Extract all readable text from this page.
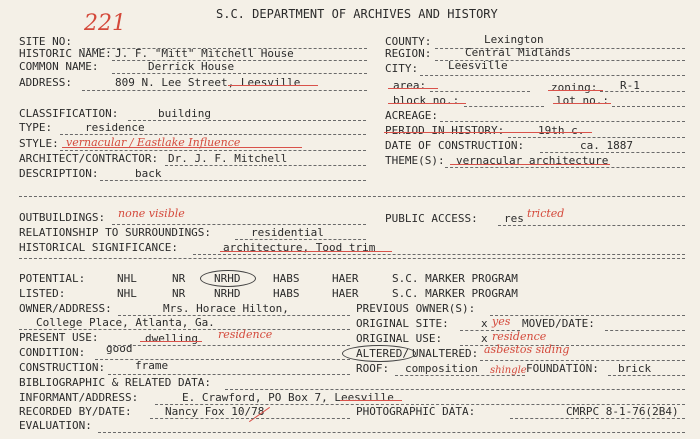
S.C. DEPARTMENT OF ARCHIVES AND HISTORY
221
SITE NO:
HISTORIC NAME: J. F. "Mitt" Mitchell House
COMMON NAME:	Derrick House
ADDRESS:	809 N. Lee Street, Leesville
COUNTY:	Lexington
REGION:	Central Midlands
CITY:	Leesville
area:	zoning: R-1
block no.:	lot no.:
ACREAGE:
CLASSIFICATION:	building
TYPE:	residence
STYLE: vernacular / Eastlake Influence
ARCHITECT/CONTRACTOR: Dr. J. F. Mitchell
DESCRIPTION:	back
PERIOD IN HISTORY:	19th c.
DATE OF CONSTRUCTION:	ca. 1887
THEME(S): vernacular architecture
OUTBUILDINGS: none visible
RELATIONSHIP TO SURROUNDINGS:	residential
HISTORICAL SIGNIFICANCE:	architecture, Tood trim
PUBLIC ACCESS: res tricted
POTENTIAL:	NHL	NR	NRHD	HABS	HAER	S.C. MARKER PROGRAM
LISTED:	NHL	NR	NRHD	HABS	HAER	S.C. MARKER PROGRAM
OWNER/ADDRESS:	Mrs. Horace Hilton,
College Place, Atlanta, Ga.
PREVIOUS OWNER(S):
ORIGINAL SITE:	x yes MOVED/DATE:
PRESENT USE:	dwelling residence	ORIGINAL USE:	x residence
CONDITION: good	ALTERED/ UNALTERED: asbestos siding
CONSTRUCTION:	frame	ROOF: composition shingle FOUNDATION: brick
BIBLIOGRAPHIC & RELATED DATA:
INFORMANT/ADDRESS:	E. Crawford, PO Box 7, Leesville
RECORDED BY/DATE:	Nancy Fox 10/78	PHOTOGRAPHIC DATA:	CMRPC 8-1-76(2B4)
EVALUATION:
